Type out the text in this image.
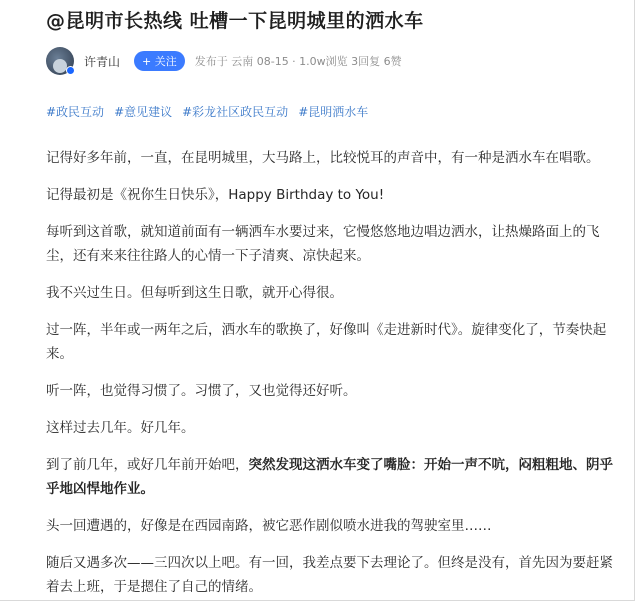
@昆明市长热线 吐槽一下昆明城里的洒水车
许青山	+ 关注	发布于 云南 08-15 · 1.0w浏览 3回复 6赞
#政民互动 #意见建议 #彩龙社区政民互动 #昆明洒水车

记得好多年前，一直，在昆明城里，大马路上，比较悦耳的声音中，有一种是洒水车在唱歌。

记得最初是《祝你生日快乐》，Happy Birthday to You!

每听到这首歌，就知道前面有一辆洒车水要过来，它慢悠悠地边唱边洒水，让热燥路面上的飞尘，还有来来往往路人的心情一下子清爽、凉快起来。

我不兴过生日。但每听到这生日歌，就开心得很。

过一阵，半年或一两年之后，洒水车的歌换了，好像叫《走进新时代》。旋律变化了，节奏快起来。

听一阵，也觉得习惯了。习惯了，又也觉得还好听。

这样过去几年。好几年。

到了前几年，或好几年前开始吧，突然发现这洒水车变了嘴脸：开始一声不吭，闷粗粗地、阴乎乎地凶悍地作业。

头一回遭遇的，好像是在西园南路，被它恶作剧似喷水进我的驾驶室里……

随后又遇多次——三四次以上吧。有一回，我差点要下去理论了。但终是没有，首先因为要赶紧着去上班，于是摁住了自己的情绪。
